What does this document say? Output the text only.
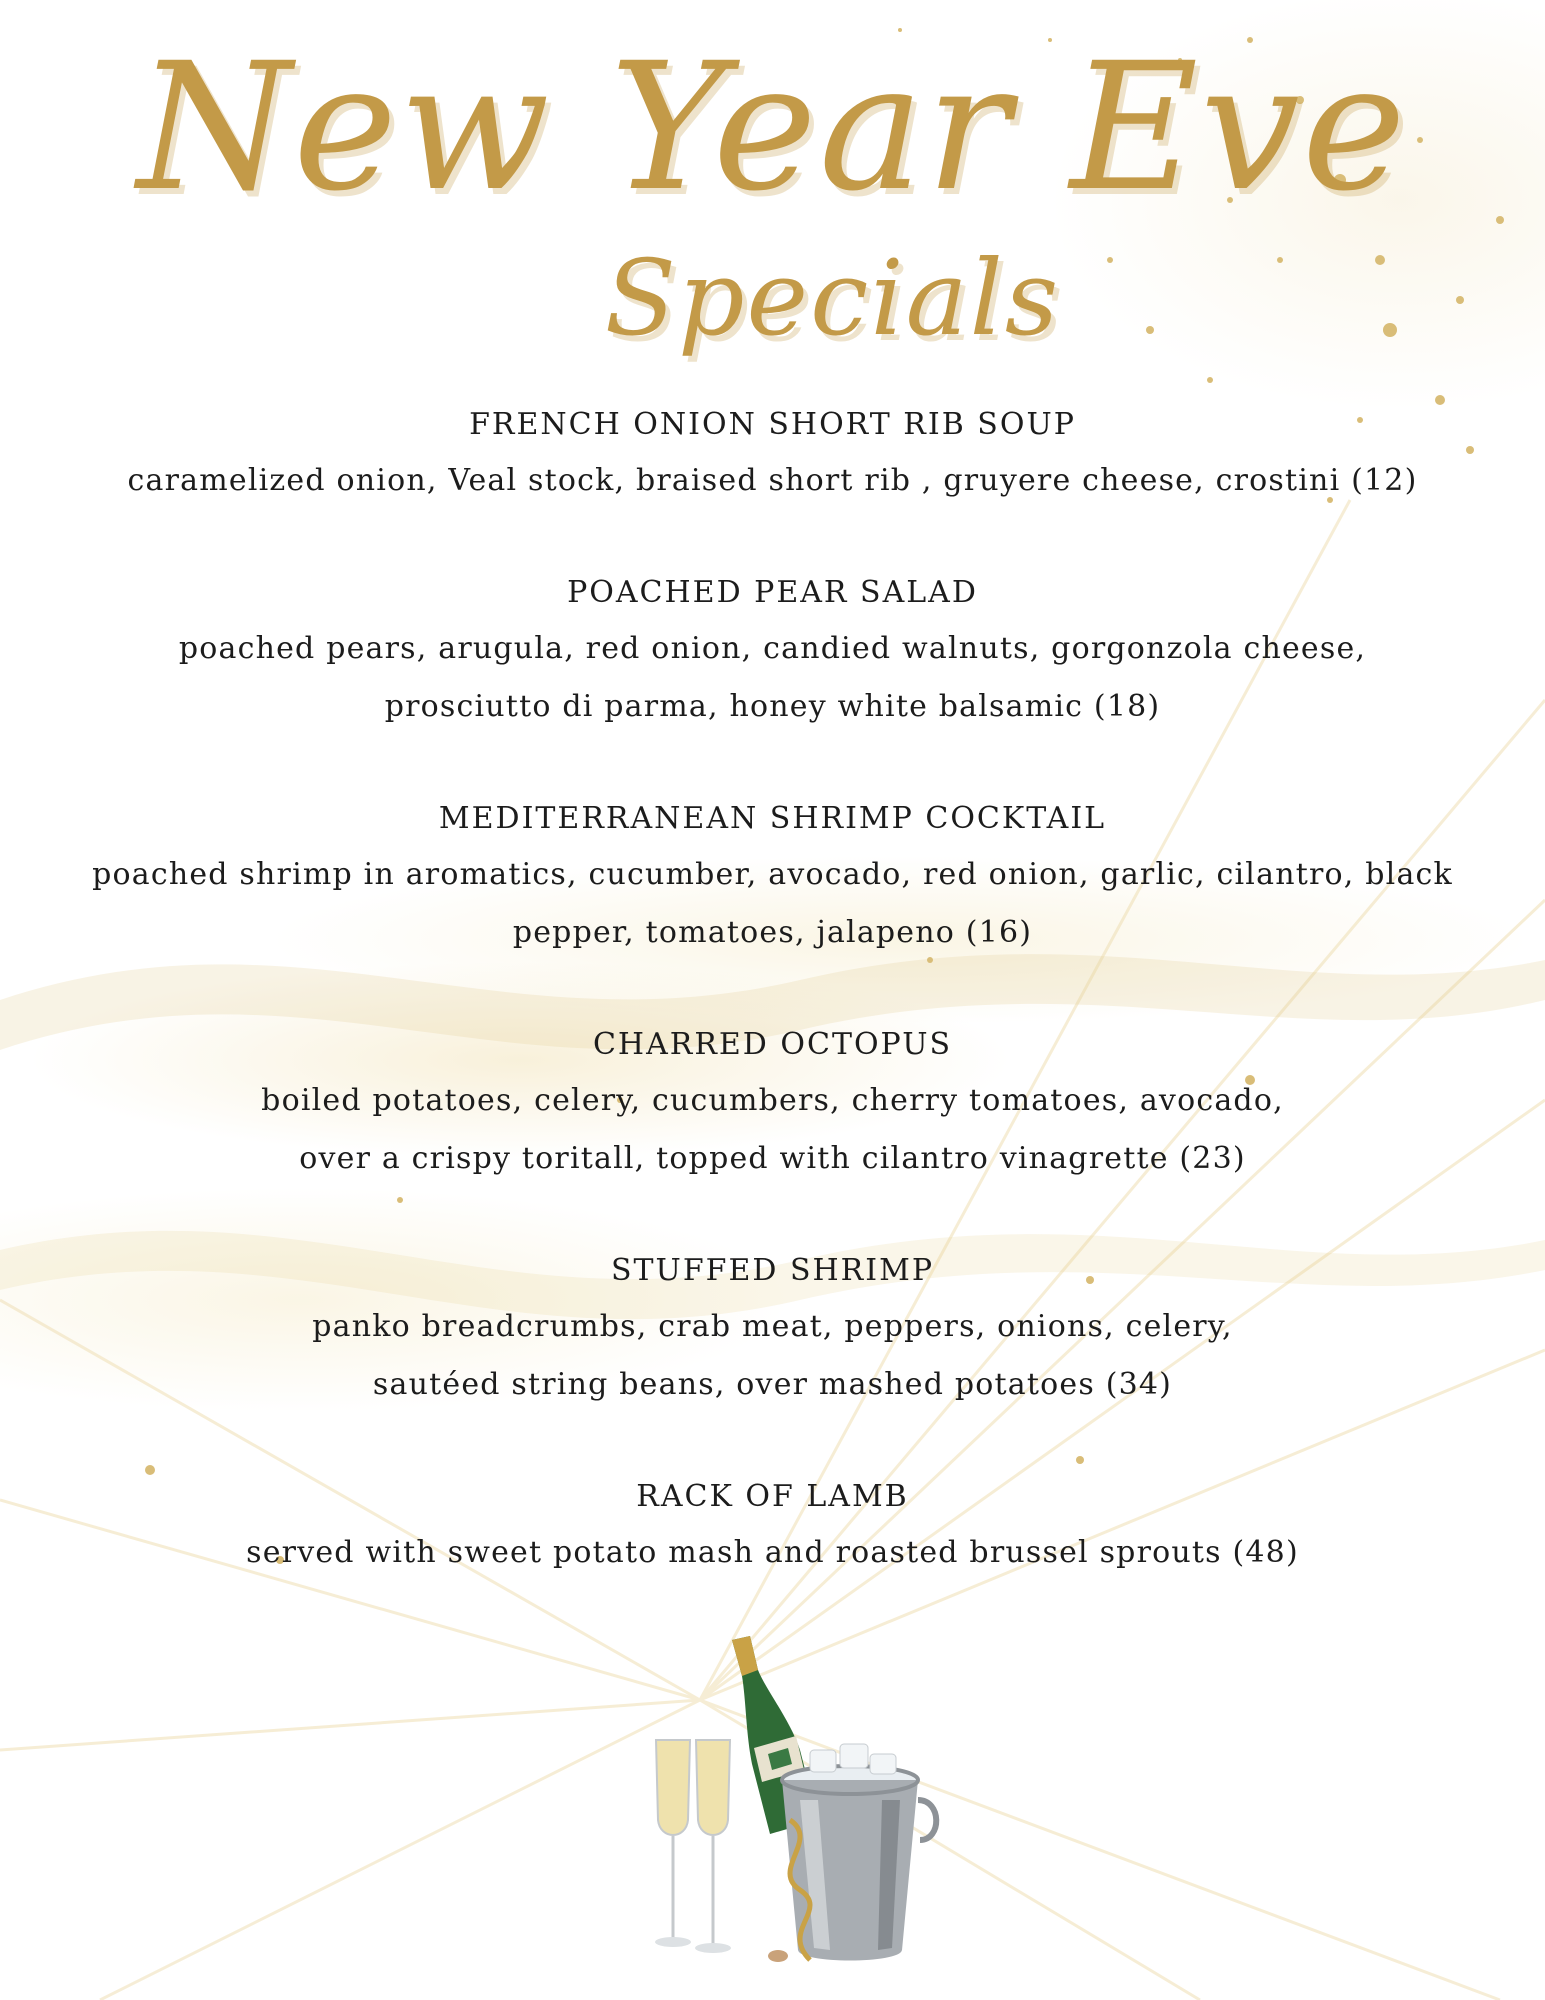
New Year Eve
Specials
FRENCH ONION SHORT RIB SOUP
caramelized onion, Veal stock, braised short rib , gruyere cheese, crostini (12)
POACHED PEAR SALAD
poached pears, arugula, red onion, candied walnuts, gorgonzola cheese,
prosciutto di parma, honey white balsamic (18)
MEDITERRANEAN SHRIMP COCKTAIL
poached shrimp in aromatics, cucumber, avocado, red onion, garlic, cilantro, black
pepper, tomatoes, jalapeno (16)
CHARRED OCTOPUS
boiled potatoes, celery, cucumbers, cherry tomatoes, avocado,
over a crispy toritall, topped with cilantro vinagrette (23)
STUFFED SHRIMP
panko breadcrumbs, crab meat, peppers, onions, celery,
sautéed string beans, over mashed potatoes (34)
RACK OF LAMB
served with sweet potato mash and roasted brussel sprouts (48)
